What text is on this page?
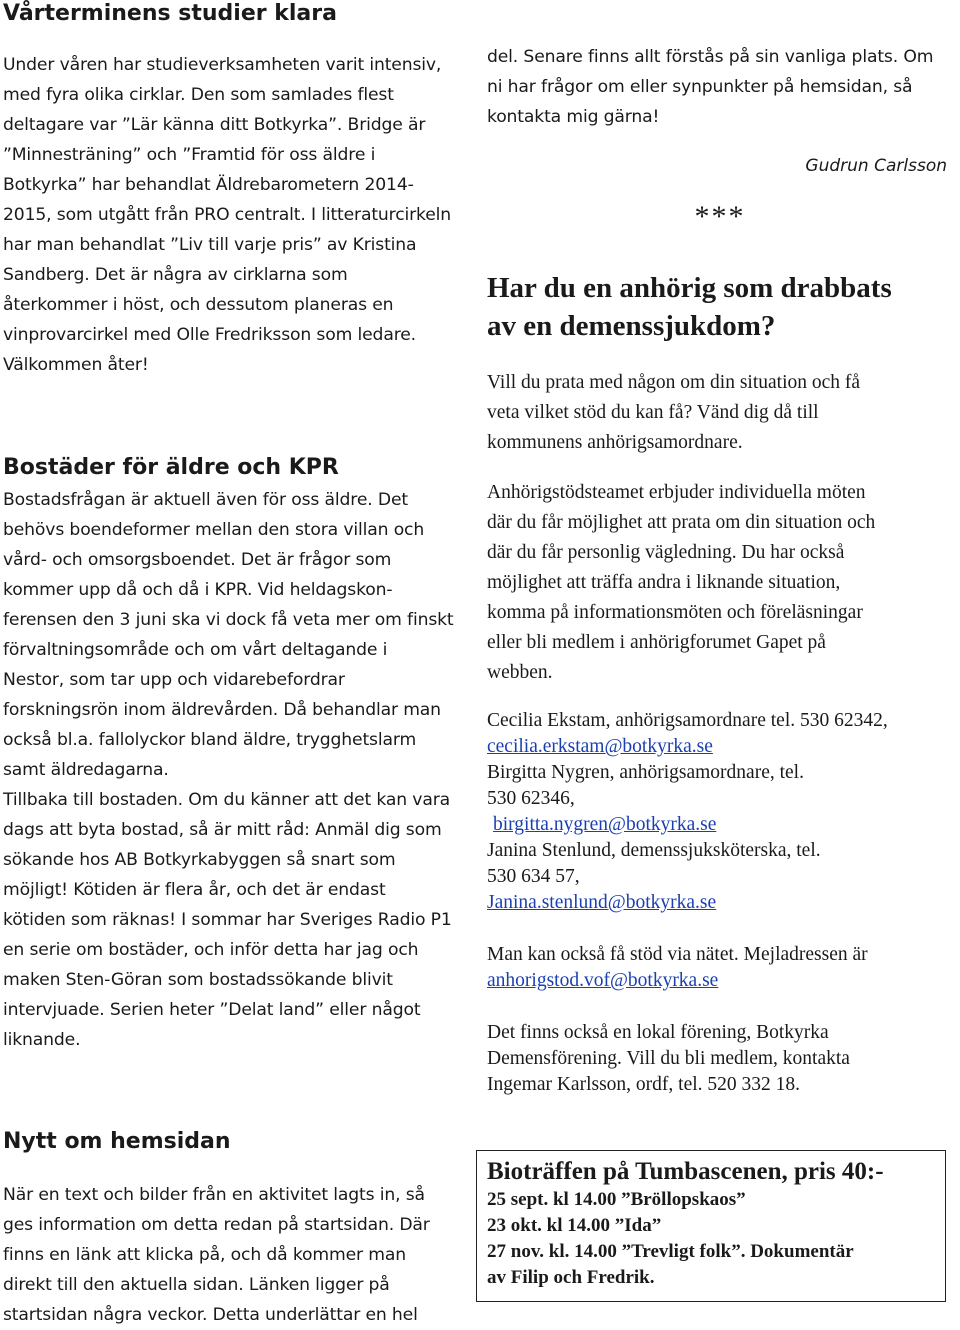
Vårterminens studier klara
Under våren har studieverksamheten varit intensiv,
med fyra olika cirklar. Den som samlades flest
deltagare var ”Lär känna ditt Botkyrka”. Bridge är
”Minnesträning” och ”Framtid för oss äldre i
Botkyrka” har behandlat Äldrebarometern 2014-
2015, som utgått från PRO centralt. I litteraturcirkeln
har man behandlat ”Liv till varje pris” av Kristina
Sandberg. Det är några av cirklarna som
återkommer i höst, och dessutom planeras en
vinprovarcirkel med Olle Fredriksson som ledare.
Välkommen åter!
Bostäder för äldre och KPR
Bostadsfrågan är aktuell även för oss äldre. Det
behövs boendeformer mellan den stora villan och
vård- och omsorgsboendet. Det är frågor som
kommer upp då och då i KPR. Vid heldagskon-
ferensen den 3 juni ska vi dock få veta mer om finskt
förvaltningsområde och om vårt deltagande i
Nestor, som tar upp och vidarebefordrar
forskningsrön inom äldrevården. Då behandlar man
också bl.a. fallolyckor bland äldre, trygghetslarm
samt äldredagarna.
Tillbaka till bostaden. Om du känner att det kan vara
dags att byta bostad, så är mitt råd: Anmäl dig som
sökande hos AB Botkyrkabyggen så snart som
möjligt! Kötiden är flera år, och det är endast
kötiden som räknas! I sommar har Sveriges Radio P1
en serie om bostäder, och inför detta har jag och
maken Sten-Göran som bostadssökande blivit
intervjuade. Serien heter ”Delat land” eller något
liknande.
Nytt om hemsidan
När en text och bilder från en aktivitet lagts in, så
ges information om detta redan på startsidan. Där
finns en länk att klicka på, och då kommer man
direkt till den aktuella sidan. Länken ligger på
startsidan några veckor. Detta underlättar en hel
del. Senare finns allt förstås på sin vanliga plats. Om
ni har frågor om eller synpunkter på hemsidan, så
kontakta mig gärna!
Gudrun Carlsson
***
Har du en anhörig som drabbats
av en demenssjukdom?
Vill du prata med någon om din situation och få
veta vilket stöd du kan få? Vänd dig då till
kommunens anhörigsamordnare.
Anhörigstödsteamet erbjuder individuella möten
där du får möjlighet att prata om din situation och
där du får personlig vägledning. Du har också
möjlighet att träffa andra i liknande situation,
komma på informationsmöten och föreläsningar
eller bli medlem i anhörigforumet Gapet på
webben.
Cecilia Ekstam, anhörigsamordnare tel. 530 62342,
cecilia.erkstam@botkyrka.se
Birgitta Nygren, anhörigsamordnare, tel.
530 62346,
birgitta.nygren@botkyrka.se
Janina Stenlund, demenssjuksköterska, tel.
530 634 57,
Janina.stenlund@botkyrka.se
Man kan också få stöd via nätet. Mejladressen är
anhorigstod.vof@botkyrka.se
Det finns också en lokal förening, Botkyrka
Demensförening. Vill du bli medlem, kontakta
Ingemar Karlsson, ordf, tel. 520 332 18.
Bioträffen på Tumbascenen, pris 40:-
25 sept. kl 14.00 ”Bröllopskaos”
23 okt. kl 14.00 ”Ida”
27 nov. kl. 14.00 ”Trevligt folk”. Dokumentär
av Filip och Fredrik.
